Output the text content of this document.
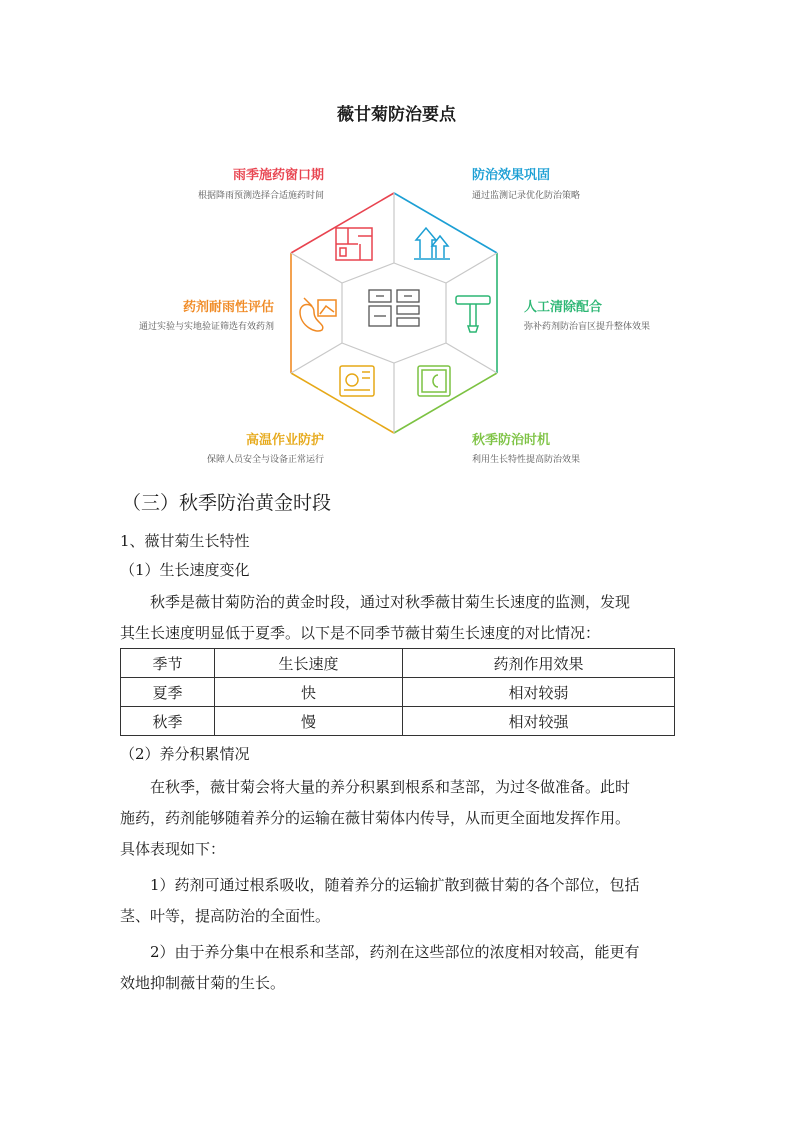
薇甘菊防治要点
雨季施药窗口期
根据降雨预测选择合适施药时间
防治效果巩固
通过监测记录优化防治策略
人工清除配合
弥补药剂防治盲区提升整体效果
秋季防治时机
利用生长特性提高防治效果
高温作业防护
保障人员安全与设备正常运行
药剂耐雨性评估
通过实验与实地验证筛选有效药剂
（三）秋季防治黄金时段
1、薇甘菊生长特性
（1）生长速度变化
秋季是薇甘菊防治的黄金时段，通过对秋季薇甘菊生长速度的监测，发现
其生长速度明显低于夏季。以下是不同季节薇甘菊生长速度的对比情况：
季节	生长速度	药剂作用效果
夏季	快	相对较弱
秋季	慢	相对较强
（2）养分积累情况
在秋季，薇甘菊会将大量的养分积累到根系和茎部，为过冬做准备。此时
施药，药剂能够随着养分的运输在薇甘菊体内传导，从而更全面地发挥作用。
具体表现如下：
1）药剂可通过根系吸收，随着养分的运输扩散到薇甘菊的各个部位，包括
茎、叶等，提高防治的全面性。
2）由于养分集中在根系和茎部，药剂在这些部位的浓度相对较高，能更有
效地抑制薇甘菊的生长。
